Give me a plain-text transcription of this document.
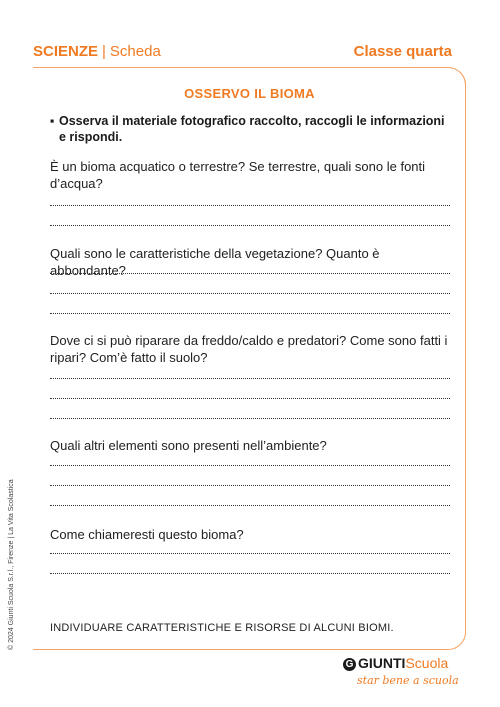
SCIENZE | Scheda	Classe quarta
OSSERVO IL BIOMA
▪ Osserva il materiale fotografico raccolto, raccogli le informazioni e rispondi.
È un bioma acquatico o terrestre? Se terrestre, quali sono le fonti d’acqua?
Quali sono le caratteristiche della vegetazione? Quanto è abbondante?
Dove ci si può riparare da freddo/caldo e predatori? Come sono fatti i ripari? Com’è fatto il suolo?
Quali altri elementi sono presenti nell’ambiente?
Come chiameresti questo bioma?
INDIVIDUARE CARATTERISTICHE E RISORSE DI ALCUNI BIOMI.
© 2024 Giunti Scuola S.r.l., Firenze | La Vita Scolastica
G GIUNTIScuola
star bene a scuola
